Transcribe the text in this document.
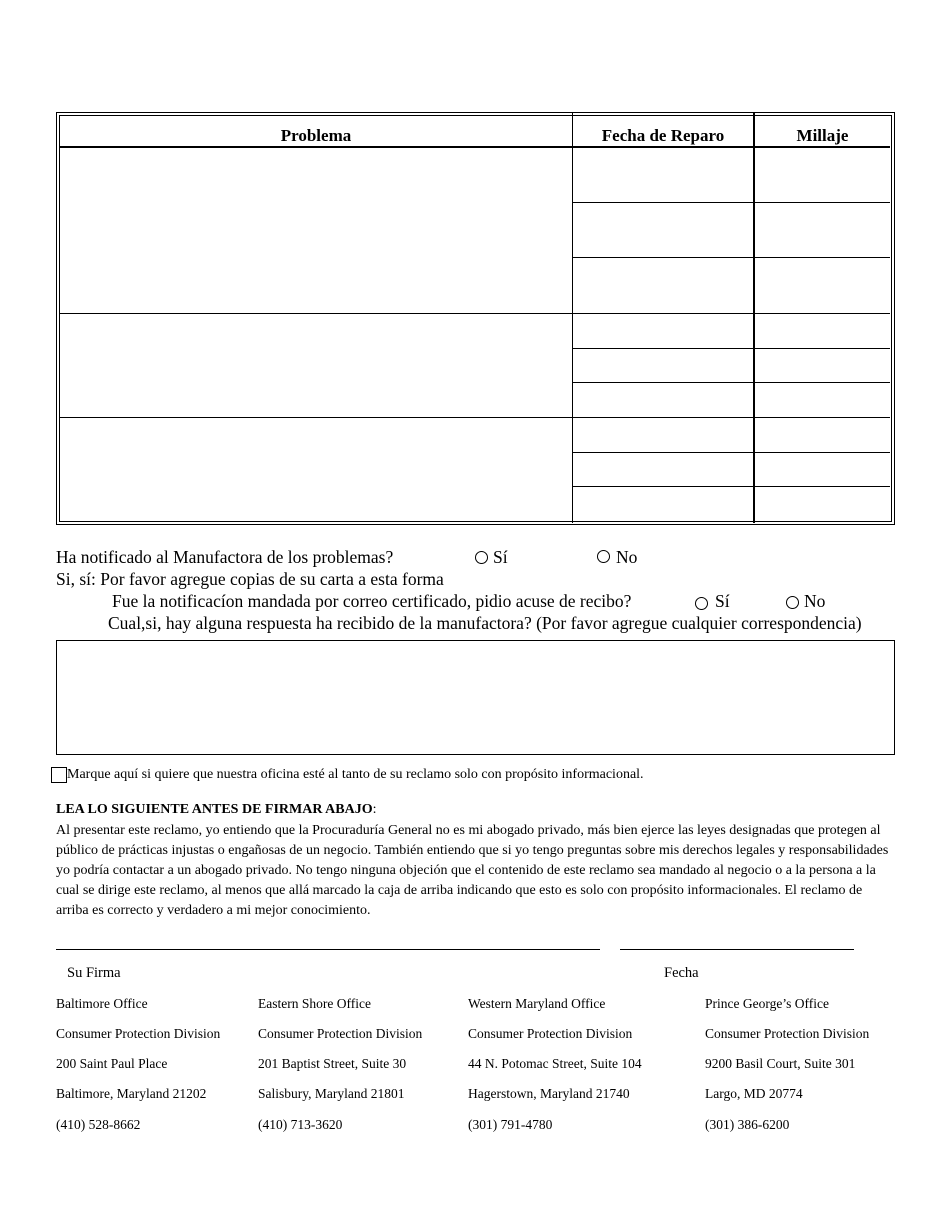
Problema	Fecha de Reparo	Millaje
Ha notificado al Manufactora de los problemas?	Sí	No
Si, sí: Por favor agregue copias de su carta a esta forma
Fue la notificacíon mandada por correo certificado, pidio acuse de recibo?	Sí	No
Cual,si, hay alguna respuesta ha recibido de la manufactora? (Por favor agregue cualquier correspondencia)
Marque aquí si quiere que nuestra oficina esté al tanto de su reclamo solo con propósito informacional.
LEA LO SIGUIENTE ANTES DE FIRMAR ABAJO:
Al presentar este reclamo, yo entiendo que la Procuraduría General no es mi abogado privado, más bien ejerce las leyes designadas que protegen al público de prácticas injustas o engañosas de un negocio. También entiendo que si yo tengo preguntas sobre mis derechos legales y responsabilidades yo podría contactar a un abogado privado. No tengo ninguna objeción que el contenido de este reclamo sea mandado al negocio o a la persona a la cual se dirige este reclamo, al menos que allá marcado la caja de arriba indicando que esto es solo con propósito informacionales. El reclamo de arriba es correcto y verdadero a mi mejor conocimiento.
Su Firma	Fecha
Baltimore Office
Consumer Protection Division
200 Saint Paul Place
Baltimore, Maryland 21202
(410) 528-8662
Eastern Shore Office
Consumer Protection Division
201 Baptist Street, Suite 30
Salisbury, Maryland 21801
(410) 713-3620
Western Maryland Office
Consumer Protection Division
44 N. Potomac Street, Suite 104
Hagerstown, Maryland 21740
(301) 791-4780
Prince George’s Office
Consumer Protection Division
9200 Basil Court, Suite 301
Largo, MD 20774
(301) 386-6200
